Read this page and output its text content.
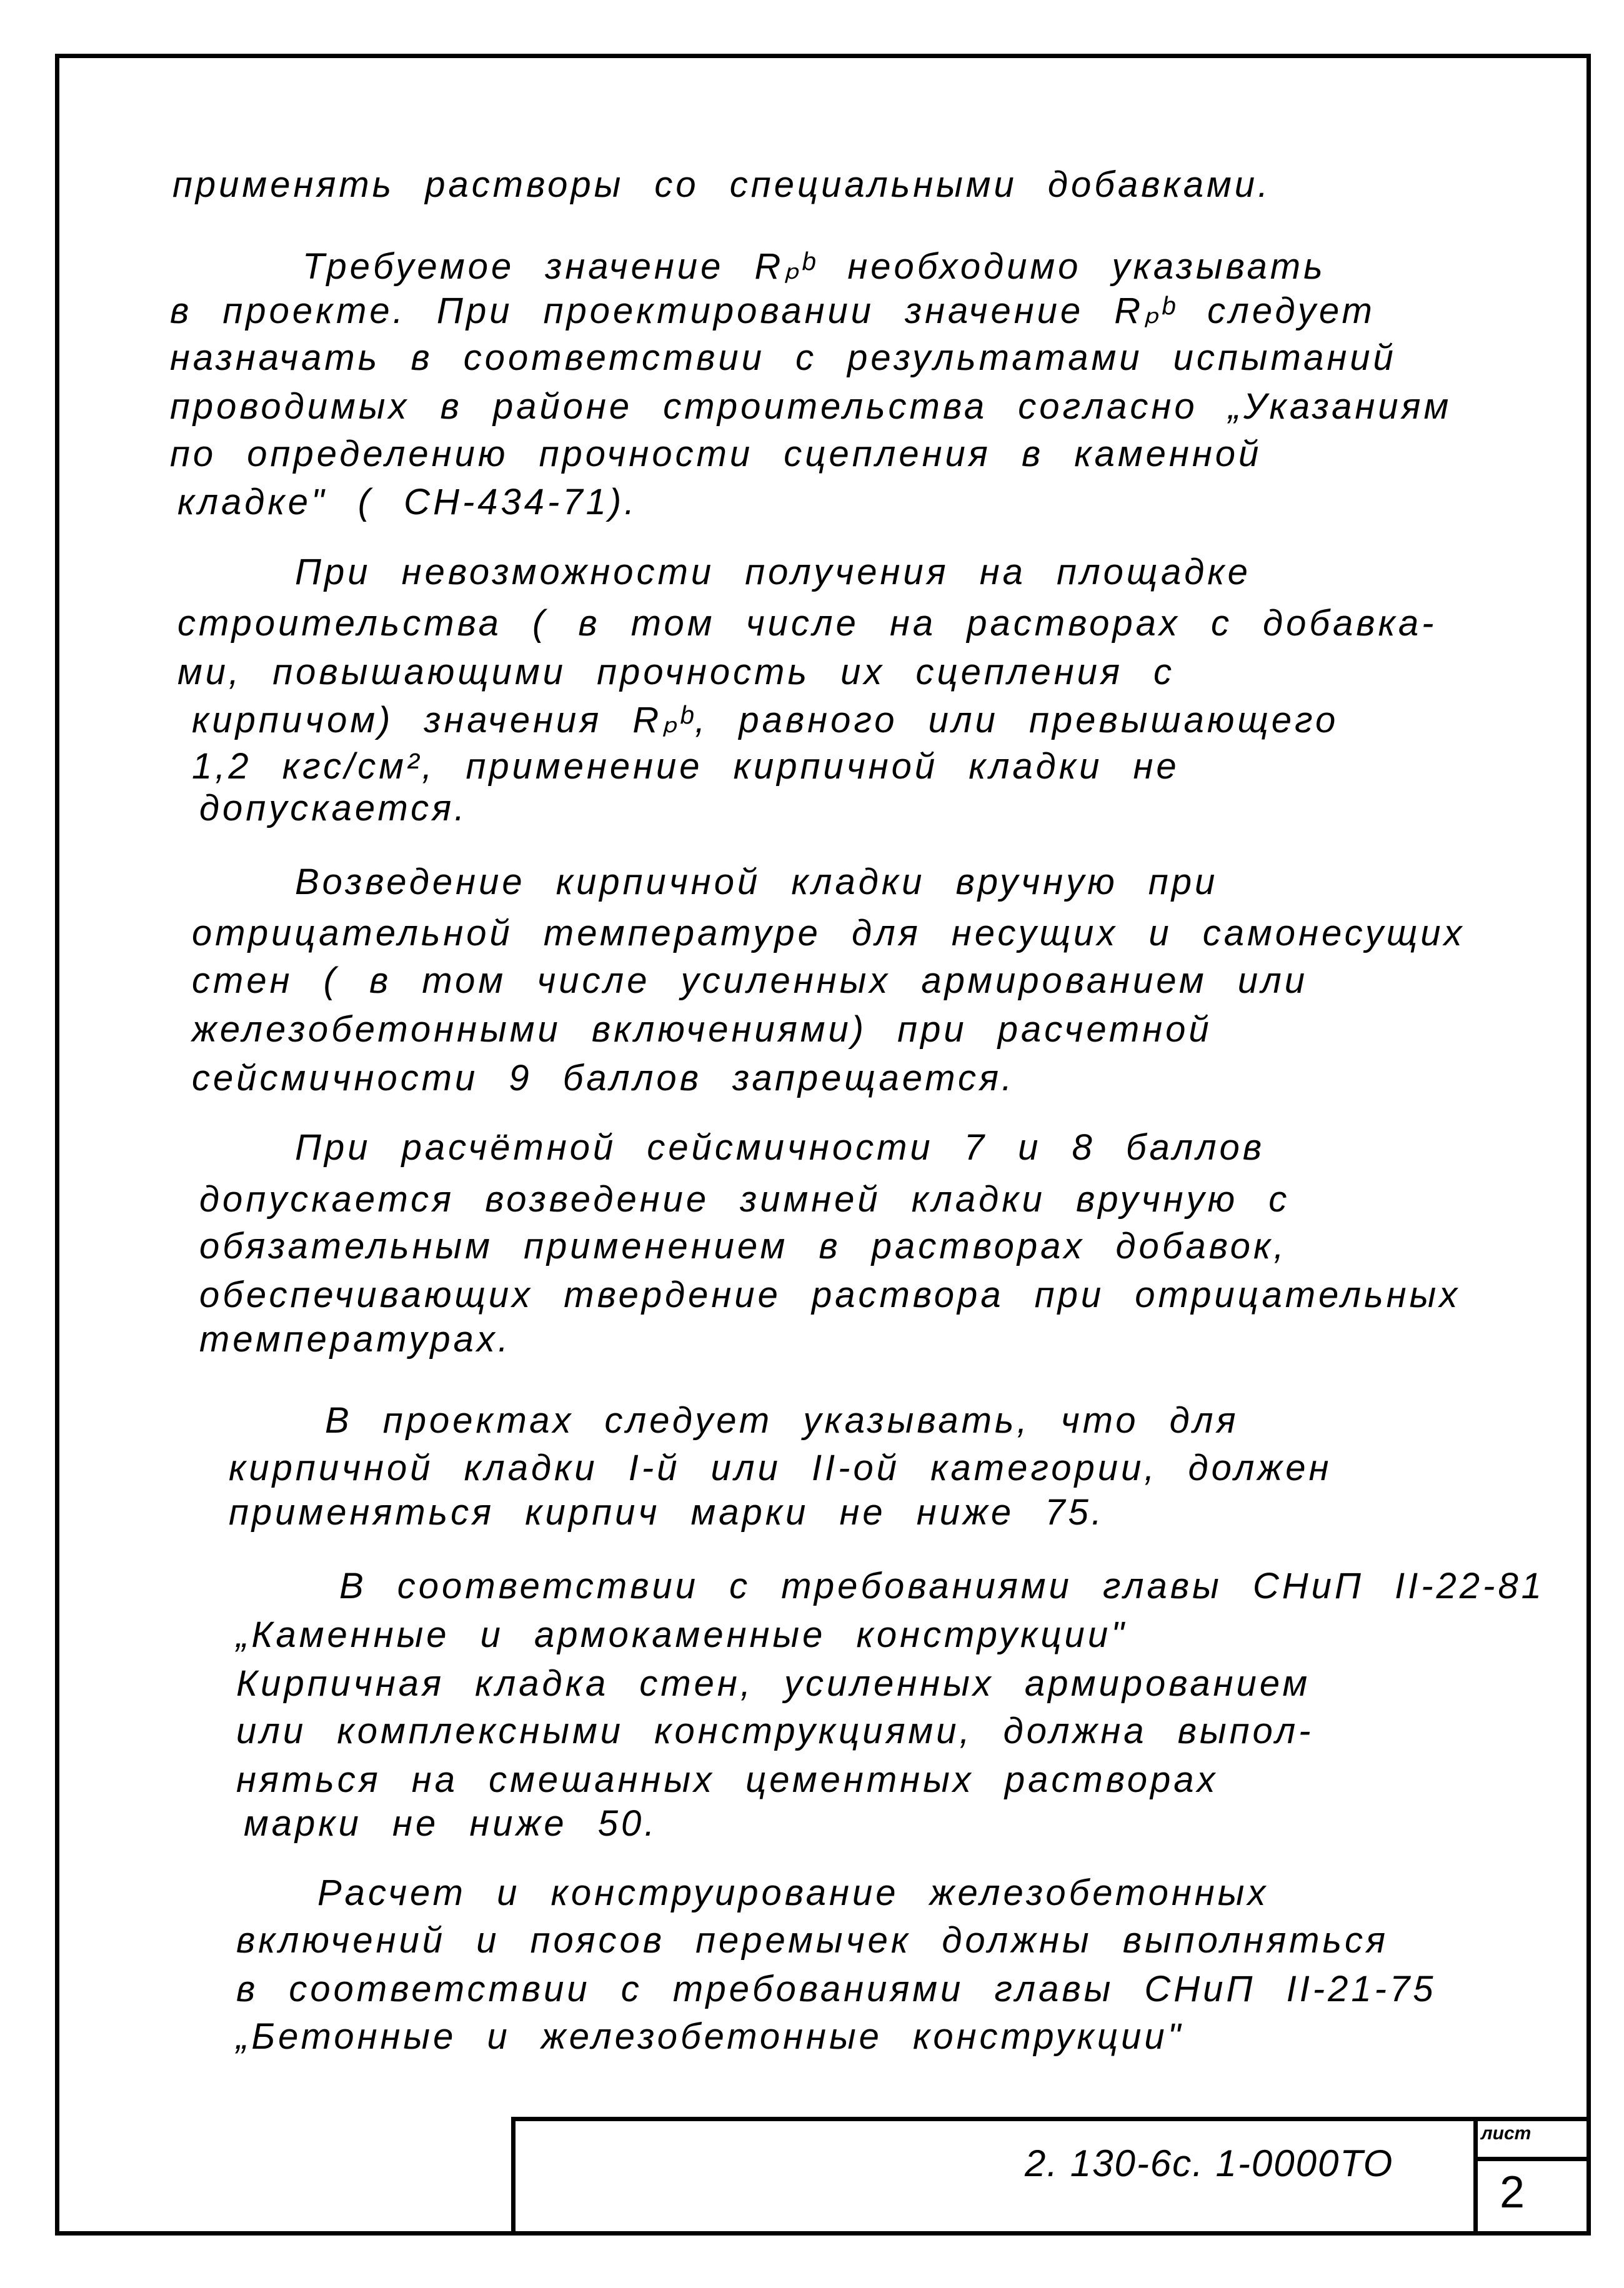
применять растворы со специальными добавками.
Требуемое значение Rₚᵇ необходимо указывать
в проекте. При проектировании значение Rₚᵇ следует
назначать в соответствии с результатами испытаний
проводимых в районе строительства согласно „Указаниям
по определению прочности сцепления в каменной
кладке" ( СН-434-71).
При невозможности получения на площадке
строительства ( в том числе на растворах с добавка-
ми, повышающими прочность их сцепления с
кирпичом) значения Rₚᵇ, равного или превышающего
1,2 кгс/см², применение кирпичной кладки не
допускается.
Возведение кирпичной кладки вручную при
отрицательной температуре для несущих и самонесущих
стен ( в том числе усиленных армированием или
железобетонными включениями) при расчетной
сейсмичности 9 баллов запрещается.
При расчётной сейсмичности 7 и 8 баллов
допускается возведение зимней кладки вручную с
обязательным применением в растворах добавок,
обеспечивающих твердение раствора при отрицательных
температурах.
В проектах следует указывать, что для
кирпичной кладки I-й или II-ой категории, должен
применяться кирпич марки не ниже 75.
В соответствии с требованиями главы СНиП II-22-81
„Каменные и армокаменные конструкции"
Кирпичная кладка стен, усиленных армированием
или комплексными конструкциями, должна выпол-
няться на смешанных цементных растворах
марки не ниже 50.
Расчет и конструирование железобетонных
включений и поясов перемычек должны выполняться
в соответствии с требованиями главы СНиП II-21-75
„Бетонные и железобетонные конструкции"
2. 130-6с. 1-0000ТО
лист
2
